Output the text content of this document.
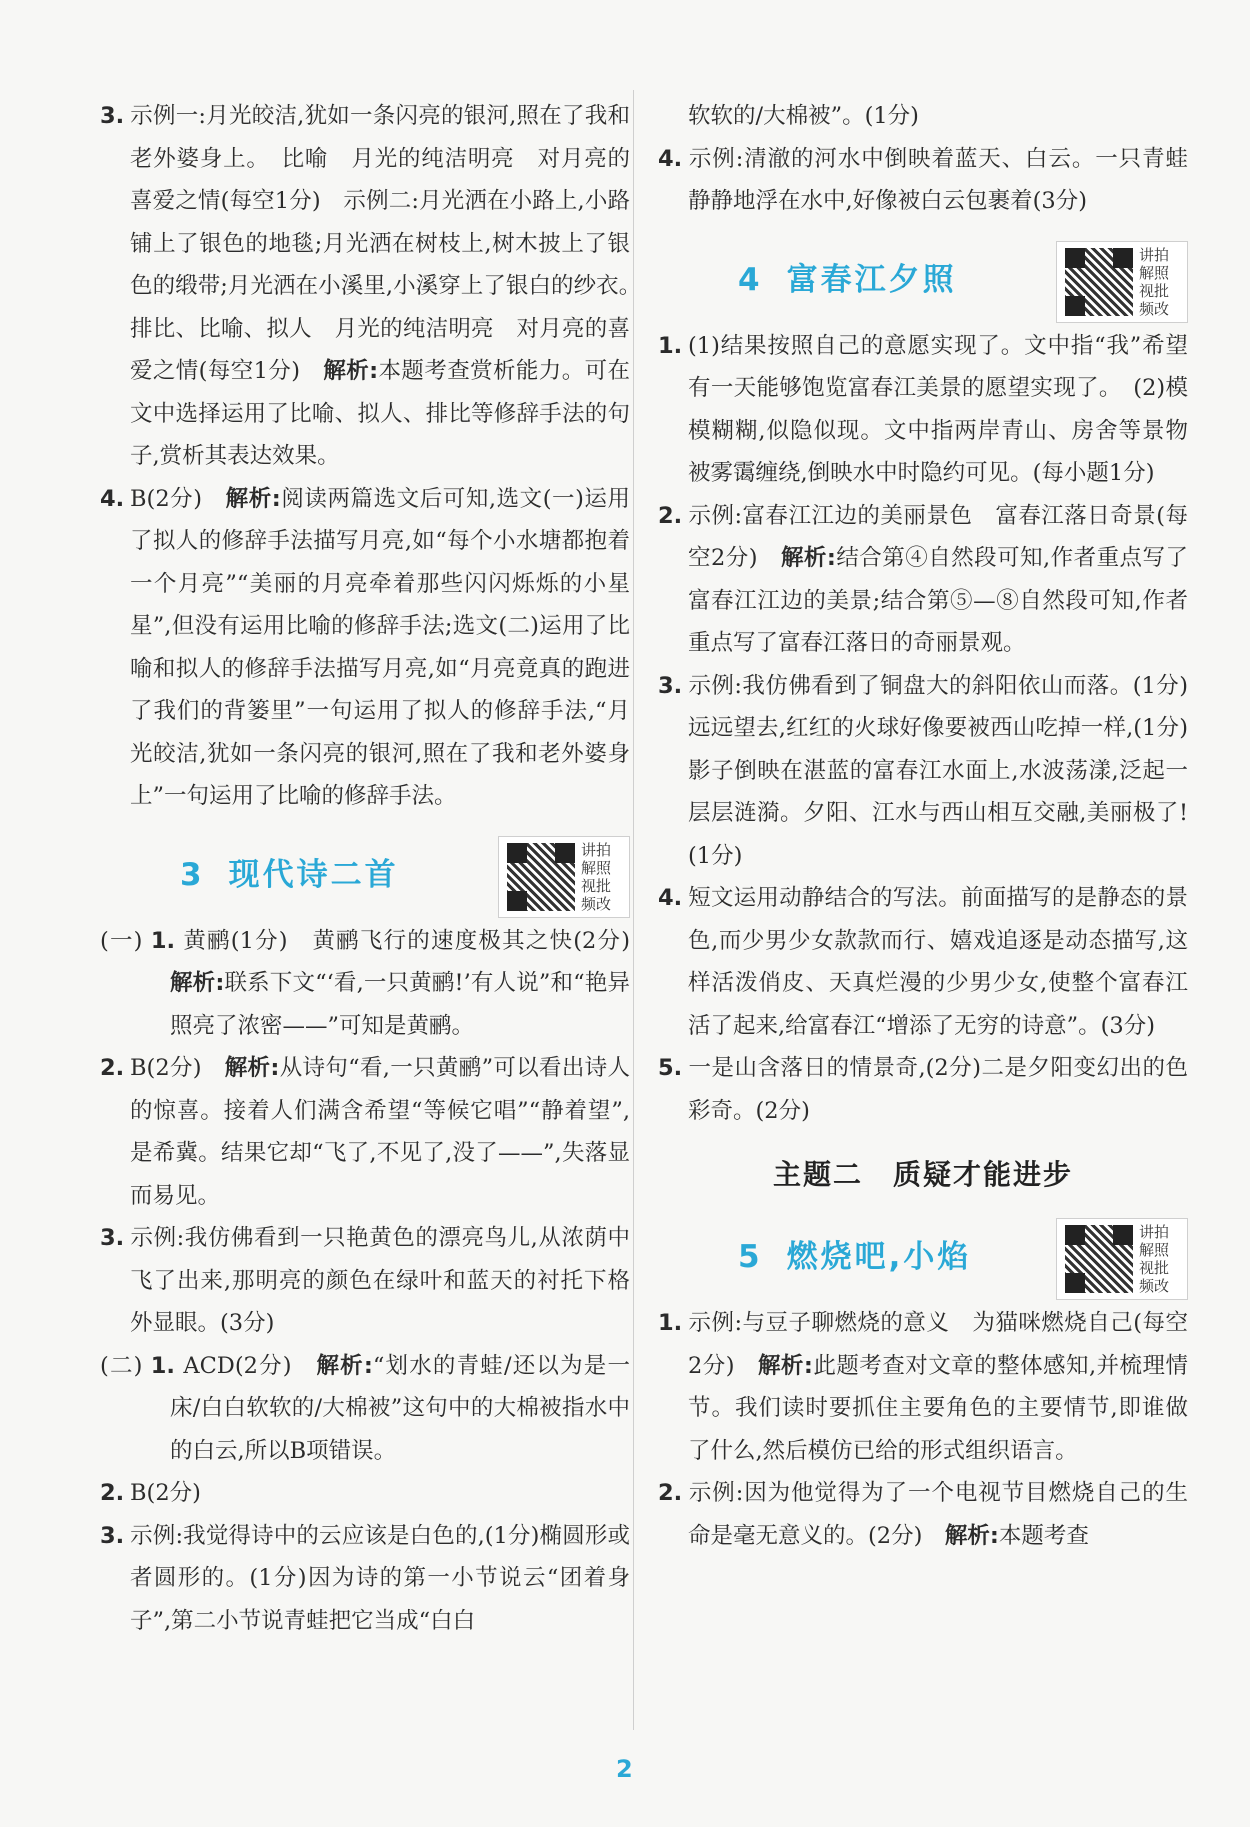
3. 示例一:月光皎洁,犹如一条闪亮的银河,照在了我和老外婆身上。　比喻　月光的纯洁明亮　对月亮的喜爱之情(每空1分)　示例二:月光洒在小路上,小路铺上了银色的地毯;月光洒在树枝上,树木披上了银色的缎带;月光洒在小溪里,小溪穿上了银白的纱衣。　排比、比喻、拟人　月光的纯洁明亮　对月亮的喜爱之情(每空1分)　 解析:本题考查赏析能力。可在文中选择运用了比喻、拟人、排比等修辞手法的句子,赏析其表达效果。

4. B(2分)　 解析:阅读两篇选文后可知,选文(一)运用了拟人的修辞手法描写月亮,如“每个小水塘都抱着一个月亮”“美丽的月亮牵着那些闪闪烁烁的小星星”,但没有运用比喻的修辞手法;选文(二)运用了比喻和拟人的修辞手法描写月亮,如“月亮竟真的跑进了我们的背篓里”一句运用了拟人的修辞手法,“月光皎洁,犹如一条闪亮的银河,照在了我和老外婆身上”一句运用了比喻的修辞手法。

3 现代诗二首
讲拍解照视批频改

(一) 1. 黄鹂(1分)　黄鹂飞行的速度极其之快(2分)　解析:联系下文“‘看,一只黄鹂!’有人说”和“艳异照亮了浓密——”可知是黄鹂。

2. B(2分)　 解析:从诗句“看,一只黄鹂”可以看出诗人的惊喜。接着人们满含希望“等候它唱”“静着望”,是希冀。结果它却“飞了,不见了,没了——”,失落显而易见。

3. 示例:我仿佛看到一只艳黄色的漂亮鸟儿,从浓荫中飞了出来,那明亮的颜色在绿叶和蓝天的衬托下格外显眼。(3分)

(二) 1. ACD(2分)　 解析:“划水的青蛙/还以为是一床/白白软软的/大棉被”这句中的大棉被指水中的白云,所以B项错误。

2. B(2分)

3. 示例:我觉得诗中的云应该是白色的,(1分)椭圆形或者圆形的。(1分)因为诗的第一小节说云“团着身子”,第二小节说青蛙把它当成“白白

软软的/大棉被”。(1分)

4. 示例:清澈的河水中倒映着蓝天、白云。一只青蛙静静地浮在水中,好像被白云包裹着(3分)

4 富春江夕照
讲拍解照视批频改

1. (1)结果按照自己的意愿实现了。文中指“我”希望有一天能够饱览富春江美景的愿望实现了。　(2)模模糊糊,似隐似现。文中指两岸青山、房舍等景物被雾霭缠绕,倒映水中时隐约可见。(每小题1分)

2. 示例:富春江江边的美丽景色　富春江落日奇景(每空2分)　 解析:结合第④自然段可知,作者重点写了富春江江边的美景;结合第⑤—⑧自然段可知,作者重点写了富春江落日的奇丽景观。

3. 示例:我仿佛看到了铜盘大的斜阳依山而落。(1分)远远望去,红红的火球好像要被西山吃掉一样,(1分)影子倒映在湛蓝的富春江水面上,水波荡漾,泛起一层层涟漪。夕阳、江水与西山相互交融,美丽极了!(1分)

4. 短文运用动静结合的写法。前面描写的是静态的景色,而少男少女款款而行、嬉戏追逐是动态描写,这样活泼俏皮、天真烂漫的少男少女,使整个富春江活了起来,给富春江“增添了无穷的诗意”。(3分)

5. 一是山含落日的情景奇,(2分)二是夕阳变幻出的色彩奇。(2分)

主题二　质疑才能进步
5 燃烧吧,小焰
讲拍解照视批频改

1. 示例:与豆子聊燃烧的意义　为猫咪燃烧自己(每空2分)　 解析:此题考查对文章的整体感知,并梳理情节。我们读时要抓住主要角色的主要情节,即谁做了什么,然后模仿已给的形式组织语言。

2. 示例:因为他觉得为了一个电视节目燃烧自己的生命是毫无意义的。(2分)　 解析:本题考查

2
